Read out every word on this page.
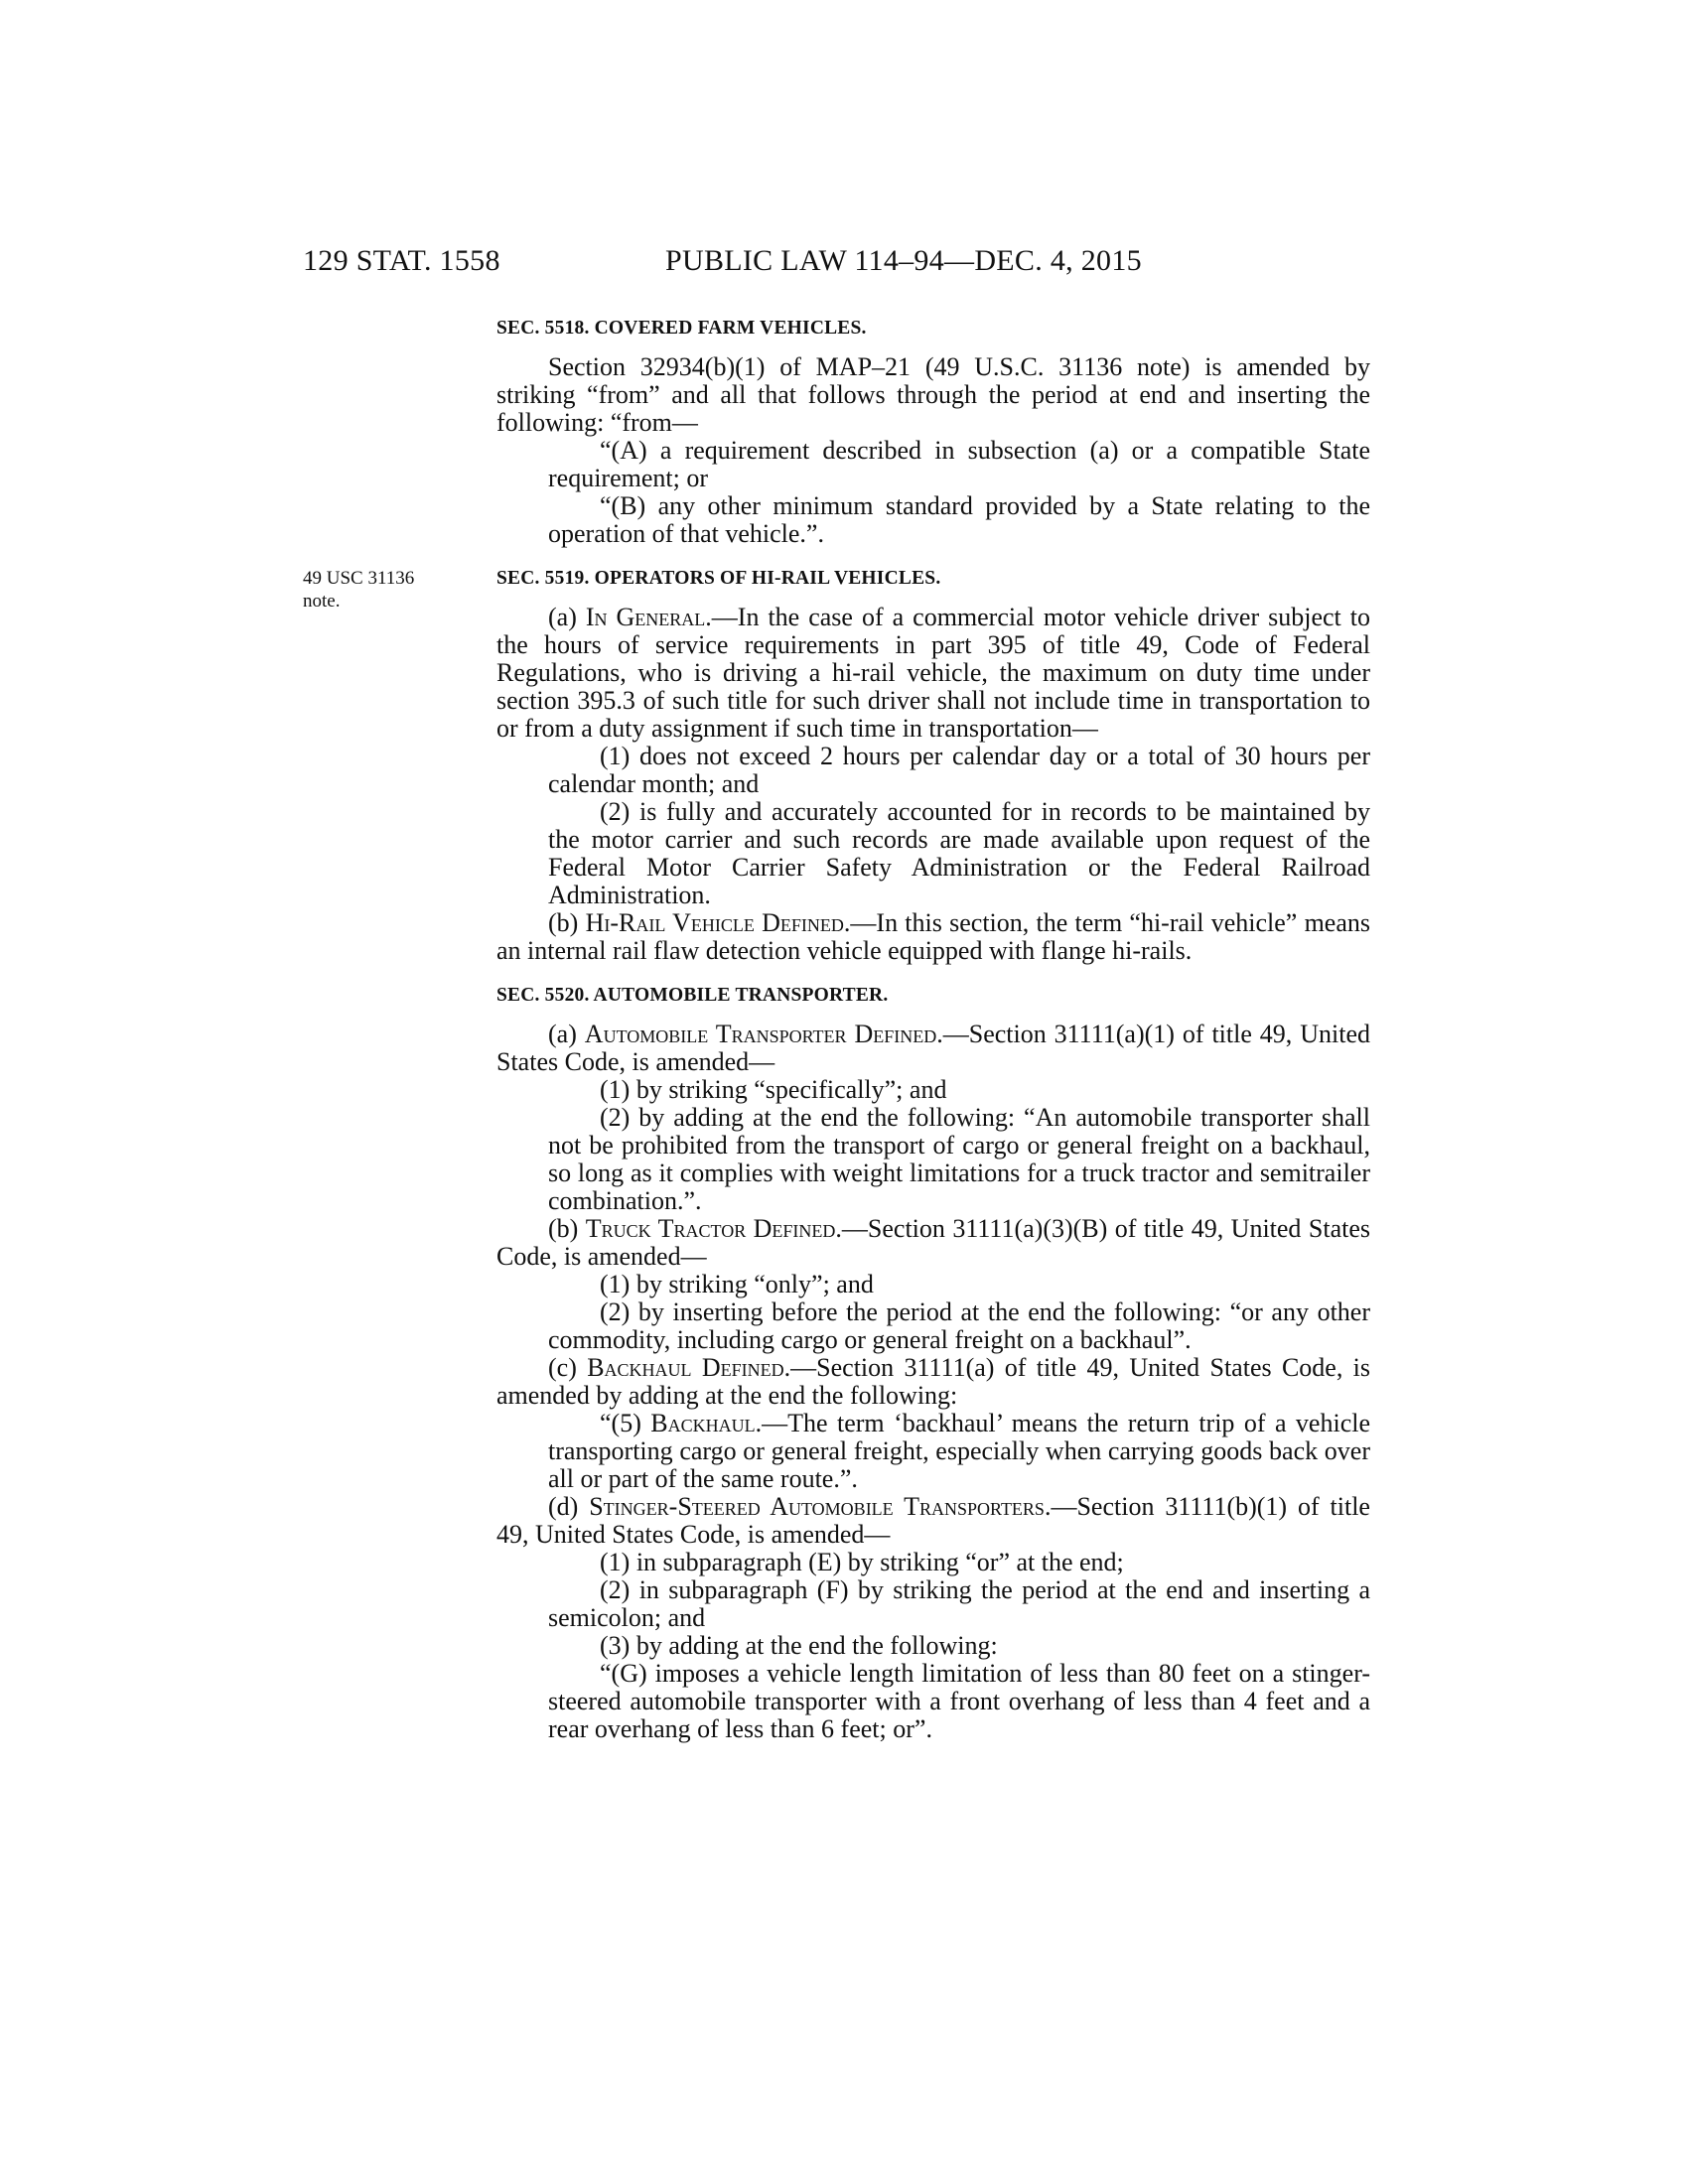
129 STAT. 1558	PUBLIC LAW 114–94—DEC. 4, 2015
49 USC 31136
note.
SEC. 5518. COVERED FARM VEHICLES.

Section 32934(b)(1) of MAP–21 (49 U.S.C. 31136 note) is amended by striking “from” and all that follows through the period at end and inserting the following: “from—

“(A) a requirement described in subsection (a) or a compatible State requirement; or

“(B) any other minimum standard provided by a State relating to the operation of that vehicle.”.

SEC. 5519. OPERATORS OF HI-RAIL VEHICLES.

(a) In General.—In the case of a commercial motor vehicle driver subject to the hours of service requirements in part 395 of title 49, Code of Federal Regulations, who is driving a hi-rail vehicle, the maximum on duty time under section 395.3 of such title for such driver shall not include time in transportation to or from a duty assignment if such time in transportation—

(1) does not exceed 2 hours per calendar day or a total of 30 hours per calendar month; and

(2) is fully and accurately accounted for in records to be maintained by the motor carrier and such records are made available upon request of the Federal Motor Carrier Safety Administration or the Federal Railroad Administration.

(b) Hi-Rail Vehicle Defined.—In this section, the term “hi-rail vehicle” means an internal rail flaw detection vehicle equipped with flange hi-rails.

SEC. 5520. AUTOMOBILE TRANSPORTER.

(a) Automobile Transporter Defined.—Section 31111(a)(1) of title 49, United States Code, is amended—

(1) by striking “specifically”; and

(2) by adding at the end the following: “An automobile transporter shall not be prohibited from the transport of cargo or general freight on a backhaul, so long as it complies with weight limitations for a truck tractor and semitrailer combination.”.

(b) Truck Tractor Defined.—Section 31111(a)(3)(B) of title 49, United States Code, is amended—

(1) by striking “only”; and

(2) by inserting before the period at the end the following: “or any other commodity, including cargo or general freight on a backhaul”.

(c) Backhaul Defined.—Section 31111(a) of title 49, United States Code, is amended by adding at the end the following:

“(5) Backhaul.—The term ‘backhaul’ means the return trip of a vehicle transporting cargo or general freight, especially when carrying goods back over all or part of the same route.”.

(d) Stinger-Steered Automobile Transporters.—Section 31111(b)(1) of title 49, United States Code, is amended—

(1) in subparagraph (E) by striking “or” at the end;

(2) in subparagraph (F) by striking the period at the end and inserting a semicolon; and

(3) by adding at the end the following:

“(G) imposes a vehicle length limitation of less than 80 feet on a stinger-steered automobile transporter with a front overhang of less than 4 feet and a rear overhang of less than 6 feet; or”.
